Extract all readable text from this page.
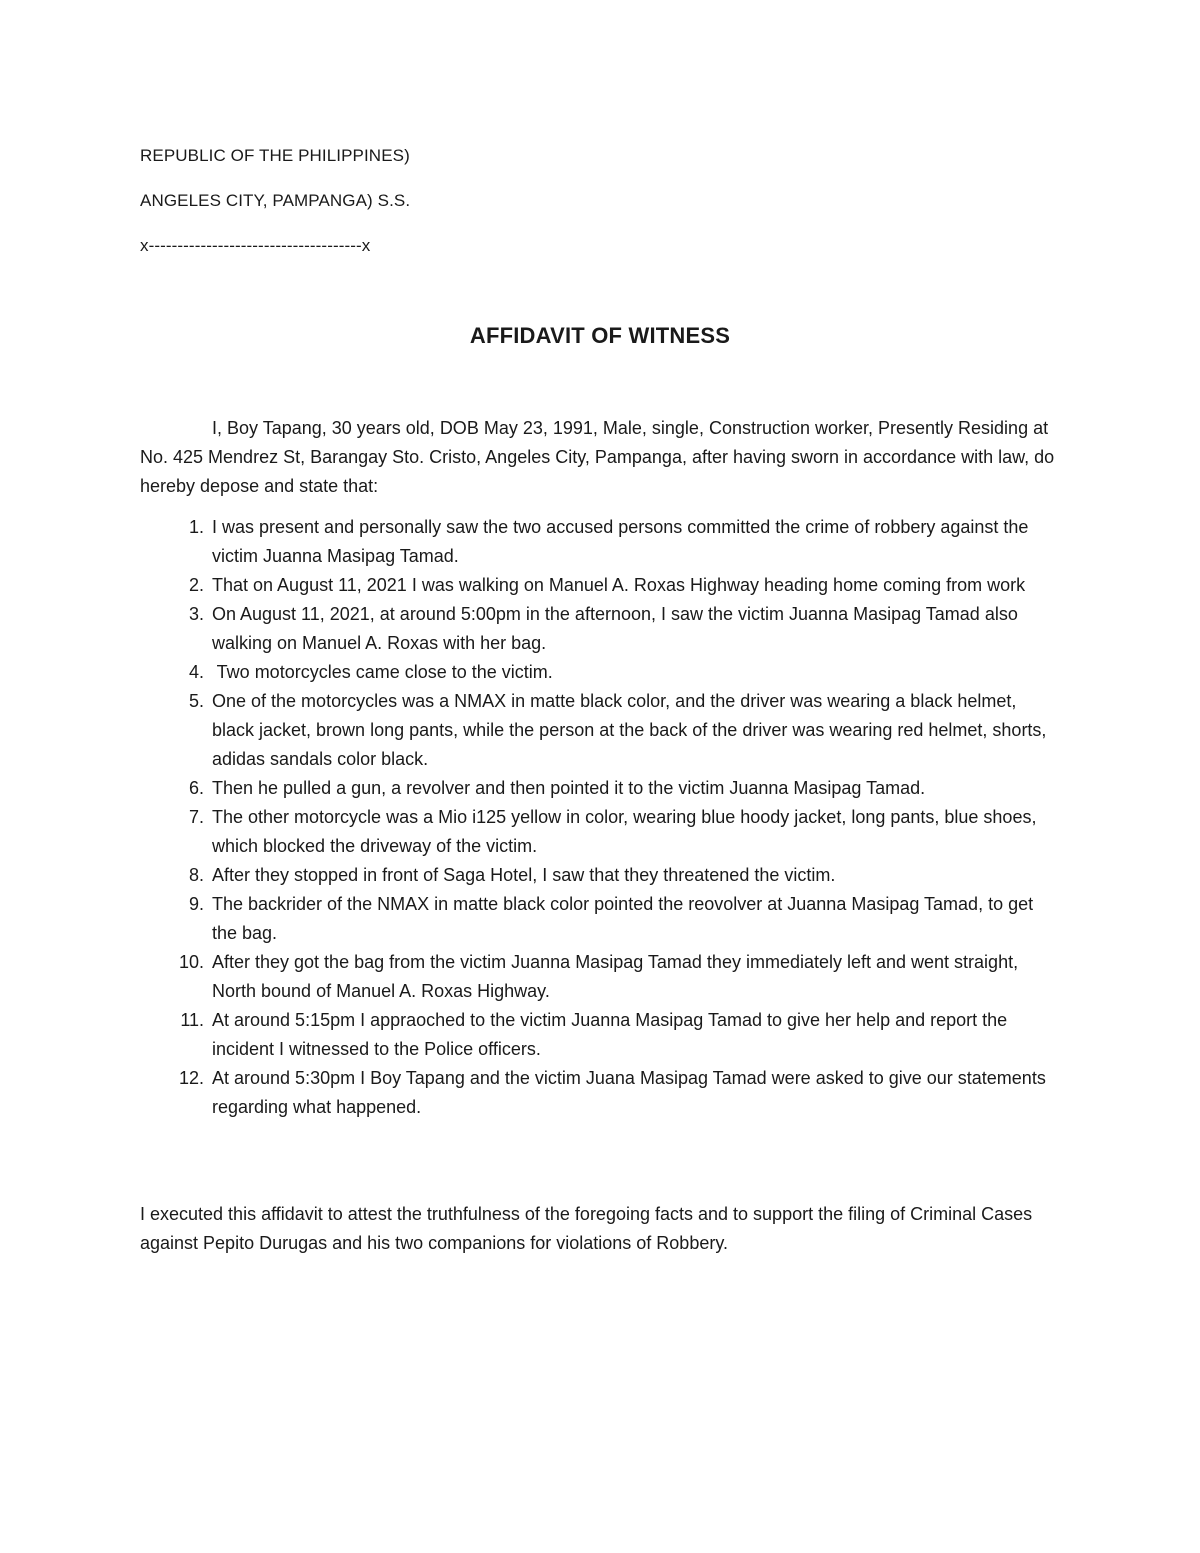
REPUBLIC OF THE PHILIPPINES)
ANGELES CITY, PAMPANGA) S.S.
x-------------------------------------x
AFFIDAVIT OF WITNESS

I, Boy Tapang, 30 years old, DOB May 23, 1991, Male, single, Construction worker, Presently Residing at No. 425 Mendrez St, Barangay Sto. Cristo, Angeles City, Pampanga, after having sworn in accordance with law, do hereby depose and state that:

1. I was present and personally saw the two accused persons committed the crime of robbery against the victim Juanna Masipag Tamad.
2. That on August 11, 2021 I was walking on Manuel A. Roxas Highway heading home coming from work
3. On August 11, 2021, at around 5:00pm in the afternoon, I saw the victim Juanna Masipag Tamad also walking on Manuel A. Roxas with her bag.
4. Two motorcycles came close to the victim.
5. One of the motorcycles was a NMAX in matte black color, and the driver was wearing a black helmet, black jacket, brown long pants, while the person at the back of the driver was wearing red helmet, shorts, adidas sandals color black.
6. Then he pulled a gun, a revolver and then pointed it to the victim Juanna Masipag Tamad.
7. The other motorcycle was a Mio i125 yellow in color, wearing blue hoody jacket, long pants, blue shoes, which blocked the driveway of the victim.
8. After they stopped in front of Saga Hotel, I saw that they threatened the victim.
9. The backrider of the NMAX in matte black color pointed the reovolver at Juanna Masipag Tamad, to get the bag.
10. After they got the bag from the victim Juanna Masipag Tamad they immediately left and went straight, North bound of Manuel A. Roxas Highway.
11. At around 5:15pm I appraoched to the victim Juanna Masipag Tamad to give her help and report the incident I witnessed to the Police officers.
12. At around 5:30pm I Boy Tapang and the victim Juana Masipag Tamad were asked to give our statements regarding what happened.

I executed this affidavit to attest the truthfulness of the foregoing facts and to support the filing of Criminal Cases against Pepito Durugas and his two companions for violations of Robbery.
